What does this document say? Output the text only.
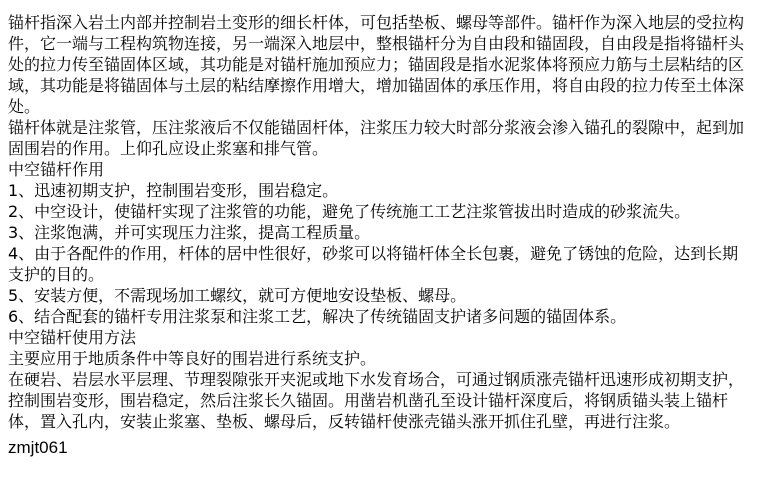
锚杆指深入岩土内部并控制岩土变形的细长杆体，可包括垫板、螺母等部件。锚杆作为深入地层的受拉构件，它一端与工程构筑物连接，另一端深入地层中，整根锚杆分为自由段和锚固段，自由段是指将锚杆头处的拉力传至锚固体区域，其功能是对锚杆施加预应力；锚固段是指水泥浆体将预应力筋与土层粘结的区域，其功能是将锚固体与土层的粘结摩擦作用增大，增加锚固体的承压作用，将自由段的拉力传至土体深处。

锚杆体就是注浆管，压注浆液后不仅能锚固杆体，注浆压力较大时部分浆液会渗入锚孔的裂隙中，起到加固围岩的作用。上仰孔应设止浆塞和排气管。

中空锚杆作用

1、迅速初期支护，控制围岩变形，围岩稳定。

2、中空设计，使锚杆实现了注浆管的功能，避免了传统施工工艺注浆管拔出时造成的砂浆流失。

3、注浆饱满，并可实现压力注浆，提高工程质量。

4、由于各配件的作用，杆体的居中性很好，砂浆可以将锚杆体全长包裹，避免了锈蚀的危险，达到长期支护的目的。

5、安装方便，不需现场加工螺纹，就可方便地安设垫板、螺母。

6、结合配套的锚杆专用注浆泵和注浆工艺，解决了传统锚固支护诸多问题的锚固体系。

中空锚杆使用方法

主要应用于地质条件中等良好的围岩进行系统支护。

在硬岩、岩层水平层理、节理裂隙张开夹泥或地下水发育场合，可通过钢质涨壳锚杆迅速形成初期支护，控制围岩变形，围岩稳定，然后注浆长久锚固。用凿岩机凿孔至设计锚杆深度后，将钢质锚头装上锚杆体，置入孔内，安装止浆塞、垫板、螺母后，反转锚杆使涨壳锚头涨开抓住孔壁，再进行注浆。

zmjt061
